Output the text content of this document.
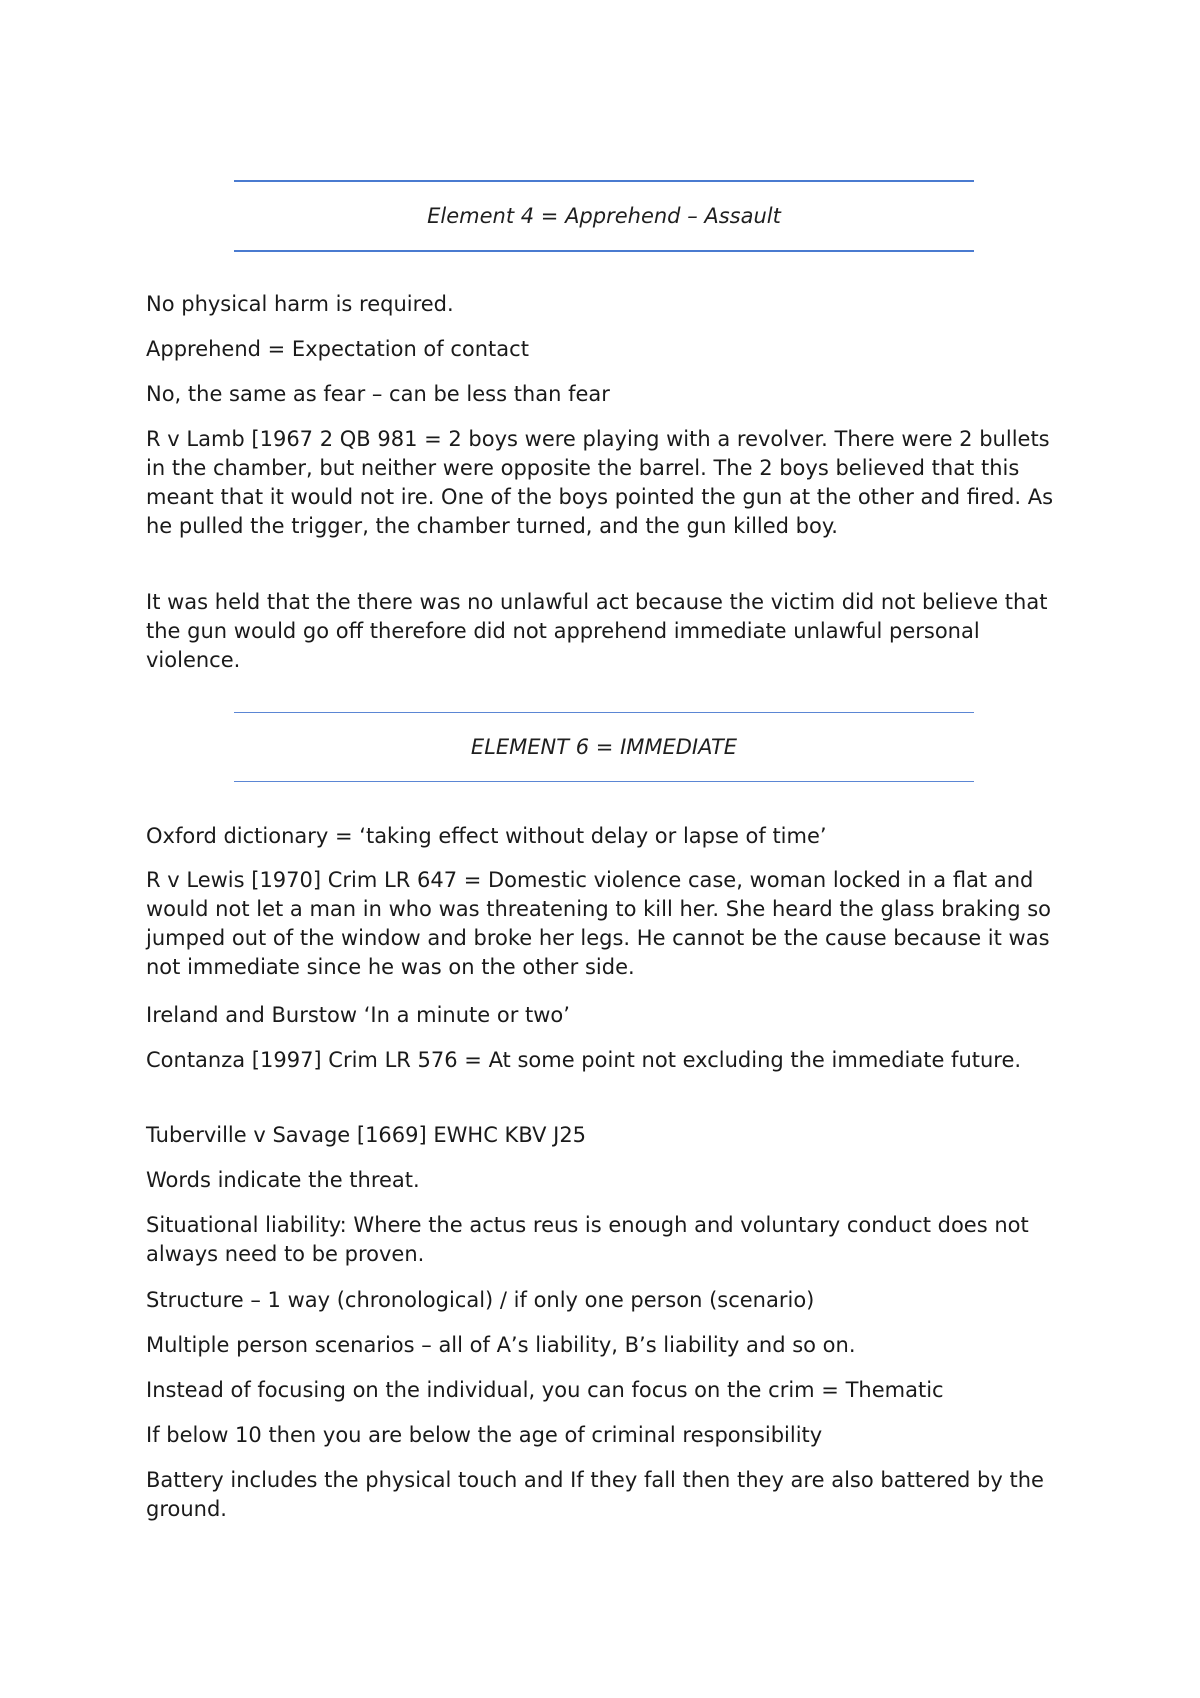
Element 4 = Apprehend – Assault

No physical harm is required.

Apprehend = Expectation of contact

No, the same as fear – can be less than fear

R v Lamb [1967 2 QB 981 = 2 boys were playing with a revolver. There were 2 bullets in the chamber, but neither were opposite the barrel. The 2 boys believed that this meant that it would not ire. One of the boys pointed the gun at the other and fired. As he pulled the trigger, the chamber turned, and the gun killed boy.

It was held that the there was no unlawful act because the victim did not believe that the gun would go off therefore did not apprehend immediate unlawful personal violence.

ELEMENT 6 = IMMEDIATE

Oxford dictionary = ‘taking effect without delay or lapse of time’

R v Lewis [1970] Crim LR 647 = Domestic violence case, woman locked in a flat and would not let a man in who was threatening to kill her. She heard the glass braking so jumped out of the window and broke her legs. He cannot be the cause because it was not immediate since he was on the other side.

Ireland and Burstow ‘In a minute or two’

Contanza [1997] Crim LR 576 = At some point not excluding the immediate future.

Tuberville v Savage [1669] EWHC KBV J25

Words indicate the threat.

Situational liability: Where the actus reus is enough and voluntary conduct does not always need to be proven.

Structure – 1 way (chronological) / if only one person (scenario)

Multiple person scenarios – all of A’s liability, B’s liability and so on.

Instead of focusing on the individual, you can focus on the crim = Thematic

If below 10 then you are below the age of criminal responsibility

Battery includes the physical touch and If they fall then they are also battered by the ground.
